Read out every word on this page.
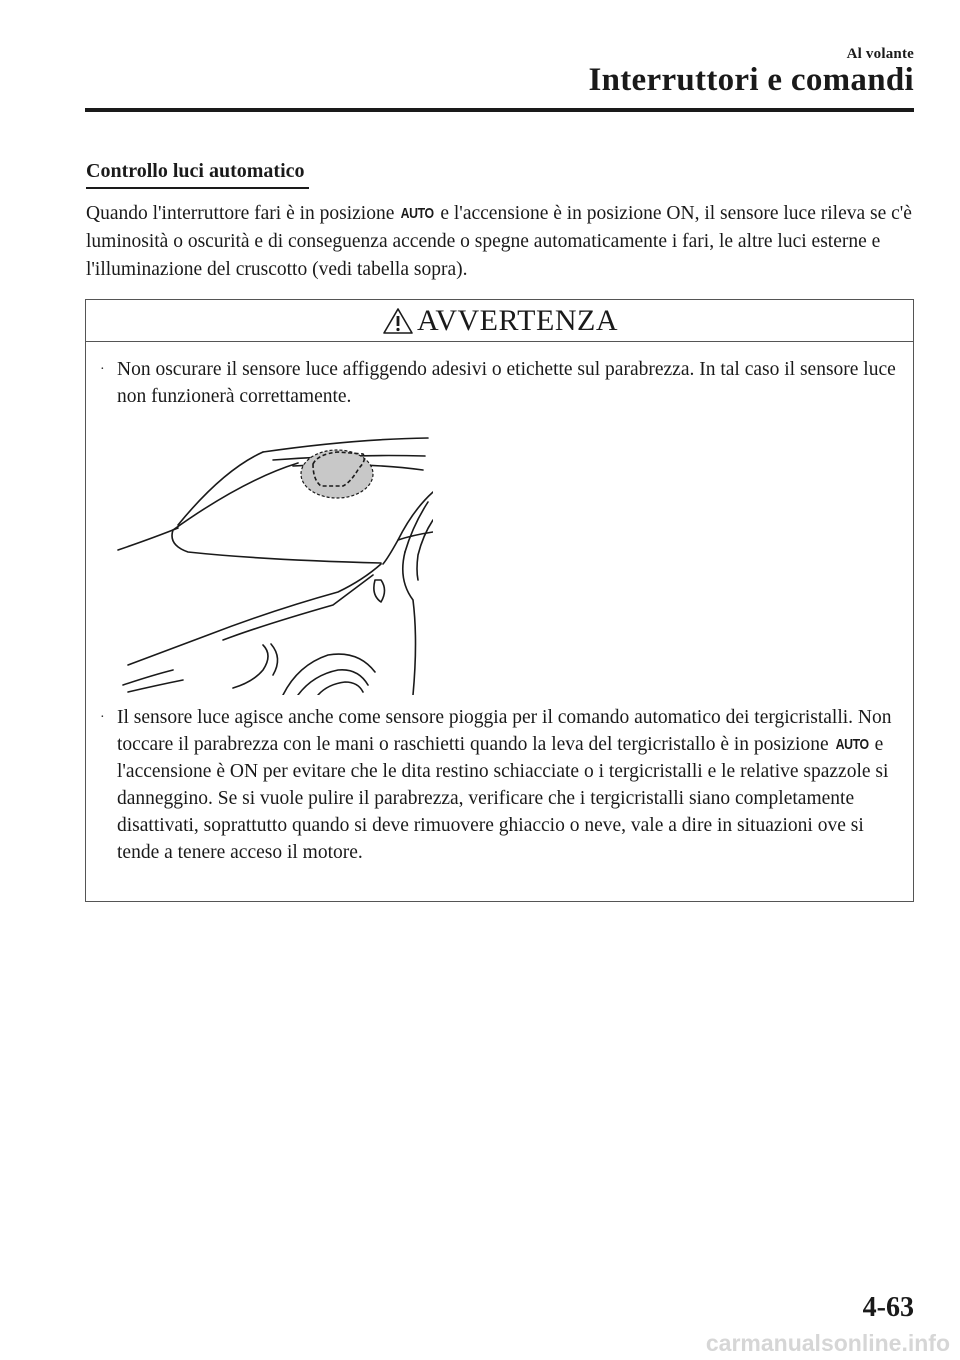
Al volante
Interruttori e comandi
Controllo luci automatico

Quando l'interruttore fari è in posizione AUTO e l'accensione è in posizione ON, il sensore luce rileva se c'è luminosità o oscurità e di conseguenza accende o spegne automaticamente i fari, le altre luci esterne e l'illuminazione del cruscotto (vedi tabella sopra).

AVVERTENZA
· Non oscurare il sensore luce affiggendo adesivi o etichette sul parabrezza. In tal caso il sensore luce non funzionerà correttamente.
· Il sensore luce agisce anche come sensore pioggia per il comando automatico dei tergicristalli. Non toccare il parabrezza con le mani o raschietti quando la leva del tergicristallo è in posizione AUTO e l'accensione è ON per evitare che le dita restino schiacciate o i tergicristalli e le relative spazzole si danneggino. Se si vuole pulire il parabrezza, verificare che i tergicristalli siano completamente disattivati, soprattutto quando si deve rimuovere ghiaccio o neve, vale a dire in situazioni ove si tende a tenere acceso il motore.
4-63
carmanualsonline.info
